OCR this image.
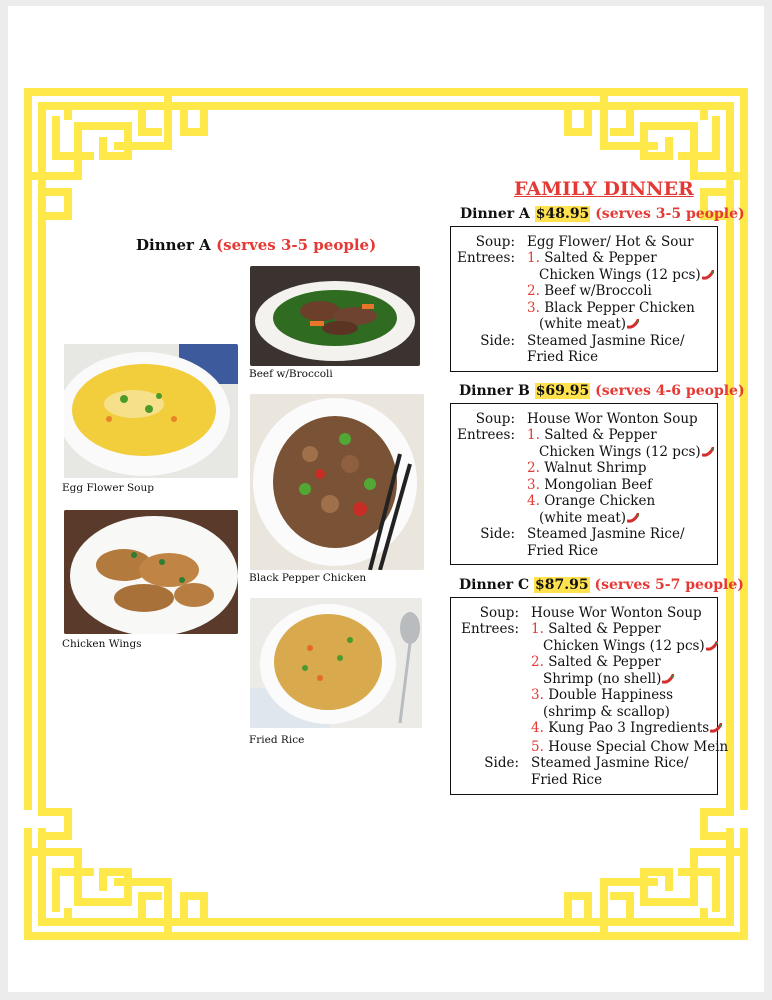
FAMILY DINNER
Dinner A (serves 3-5 people)
Beef w/Broccoli
Egg Flower Soup
Black Pepper Chicken
Chicken Wings
Fried Rice
Dinner A $48.95 (serves 3-5 people)
Soup: Egg Flower/ Hot & Sour
Entrees: 1. Salted & Pepper
Chicken Wings (12 pcs)
2. Beef w/Broccoli
3. Black Pepper Chicken
(white meat)
Side: Steamed Jasmine Rice/
Fried Rice
Dinner B $69.95 (serves 4-6 people)
Soup: House Wor Wonton Soup
Entrees: 1. Salted & Pepper
Chicken Wings (12 pcs)
2. Walnut Shrimp
3. Mongolian Beef
4. Orange Chicken
(white meat)
Side: Steamed Jasmine Rice/
Fried Rice
Dinner C $87.95 (serves 5-7 people)
Soup: House Wor Wonton Soup
Entrees: 1. Salted & Pepper
Chicken Wings (12 pcs)
2. Salted & Pepper
Shrimp (no shell)
3. Double Happiness
(shrimp & scallop)
4. Kung Pao 3 Ingredients
5. House Special Chow Mein
Side: Steamed Jasmine Rice/
Fried Rice
